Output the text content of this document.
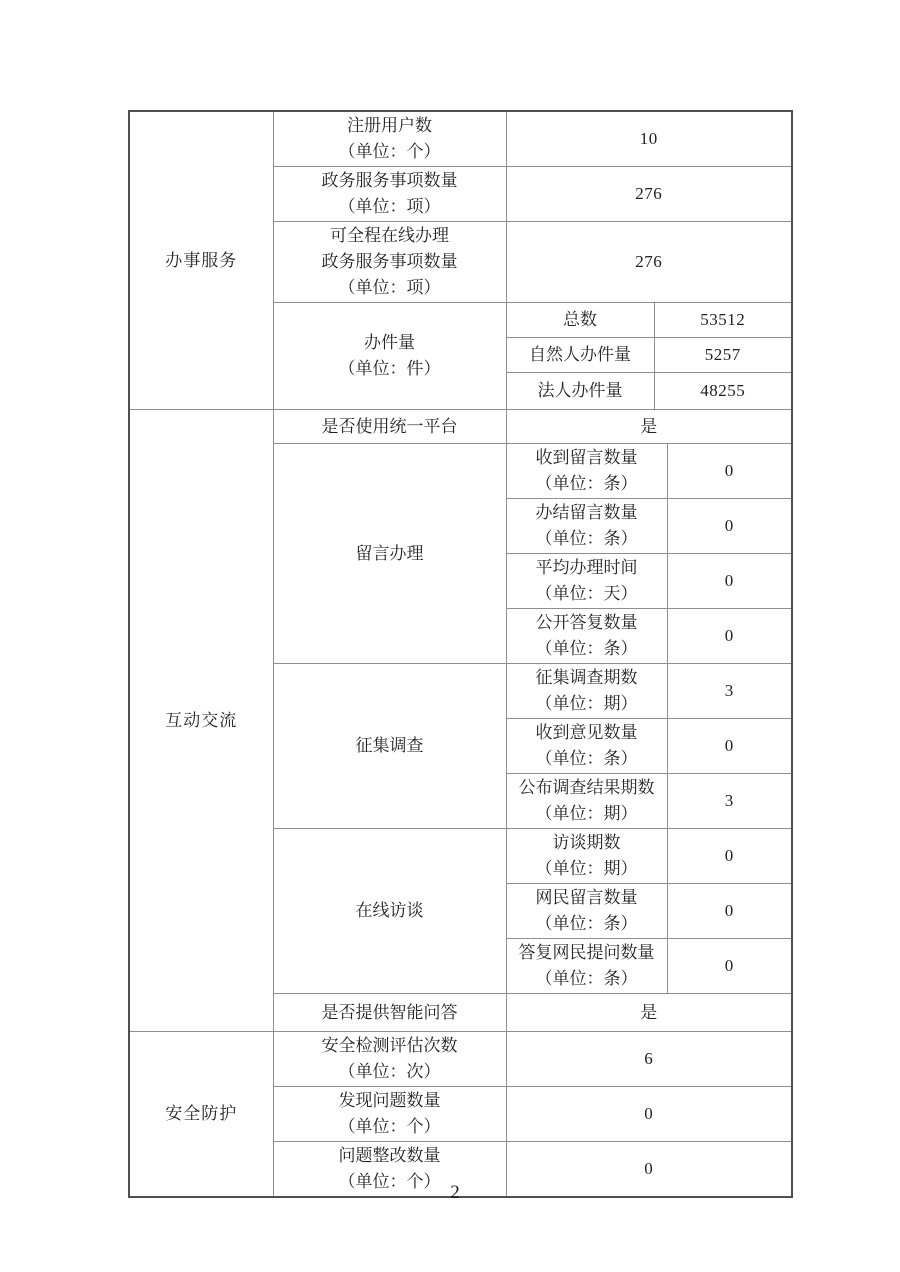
办事服务	注册用户数
（单位：个）	10		

	政务服务事项数量
（单位：项）	276		

	可全程在线办理
政务服务事项数量
（单位：项）	276		

	办件量
（单位：件）	总数	53512	
		自然人办件量	5257	
		法人办件量	48255	

互动交流	是否使用统一平台	是		
	留言办理	收到留言数量
（单位：条）		0

		办结留言数量
（单位：条）		0

		平均办理时间
（单位：天）		0

		公开答复数量
（单位：条）		0
	征集调查	征集调查期数
（单位：期）		3

		收到意见数量
（单位：条）		0

		公布调查结果期数
（单位：期）		3
	在线访谈	访谈期数
（单位：期）		0

		网民留言数量
（单位：条）		0

		答复网民提问数量
（单位：条）		0
	是否提供智能问答	是		

安全防护	安全检测评估次数
（单位：次）	6		

	发现问题数量
（单位：个）	0		

	问题整改数量
（单位：个）	0		
2
